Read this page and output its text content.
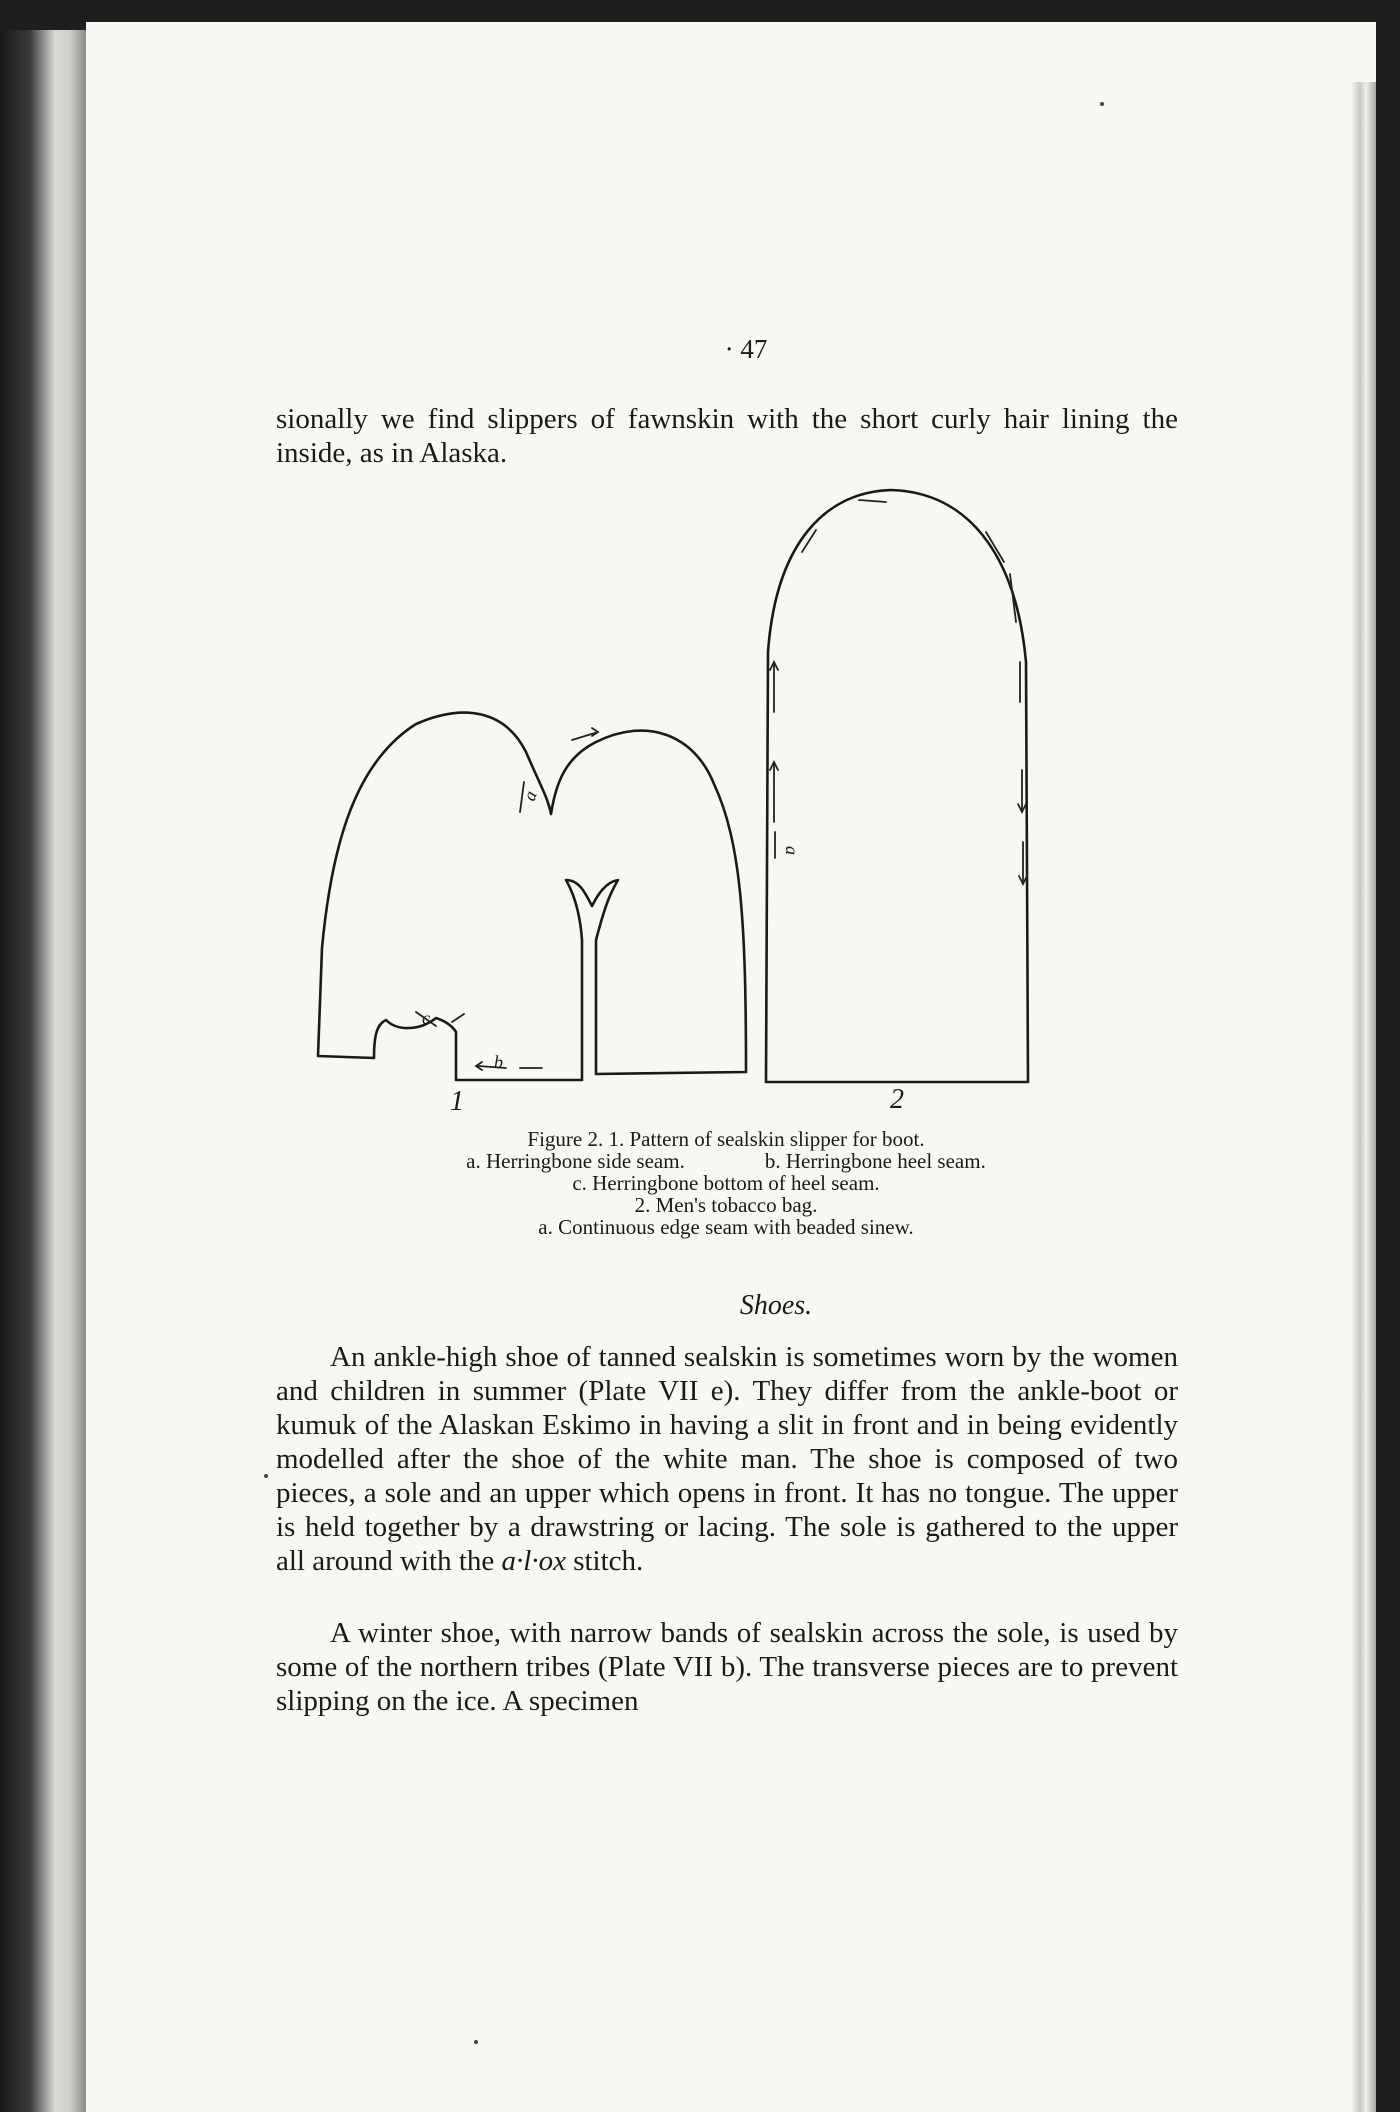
· 47
sionally we find slippers of fawnskin with the short curly hair lining the inside, as in Alaska.
a
b
c
a
1	2
Figure 2. 1. Pattern of sealskin slipper for boot.
a. Herringbone side seam.	b. Herringbone heel seam.
c. Herringbone bottom of heel seam.
2. Men's tobacco bag.
a. Continuous edge seam with beaded sinew.
Shoes.
An ankle-high shoe of tanned sealskin is sometimes worn by the women and children in summer (Plate VII e). They differ from the ankle-boot or kumuk of the Alaskan Eskimo in having a slit in front and in being evidently modelled after the shoe of the white man. The shoe is composed of two pieces, a sole and an upper which opens in front. It has no tongue. The upper is held together by a drawstring or lacing. The sole is gathered to the upper all around with the a·l·ox stitch.
A winter shoe, with narrow bands of sealskin across the sole, is used by some of the northern tribes (Plate VII b). The transverse pieces are to prevent slipping on the ice. A specimen
